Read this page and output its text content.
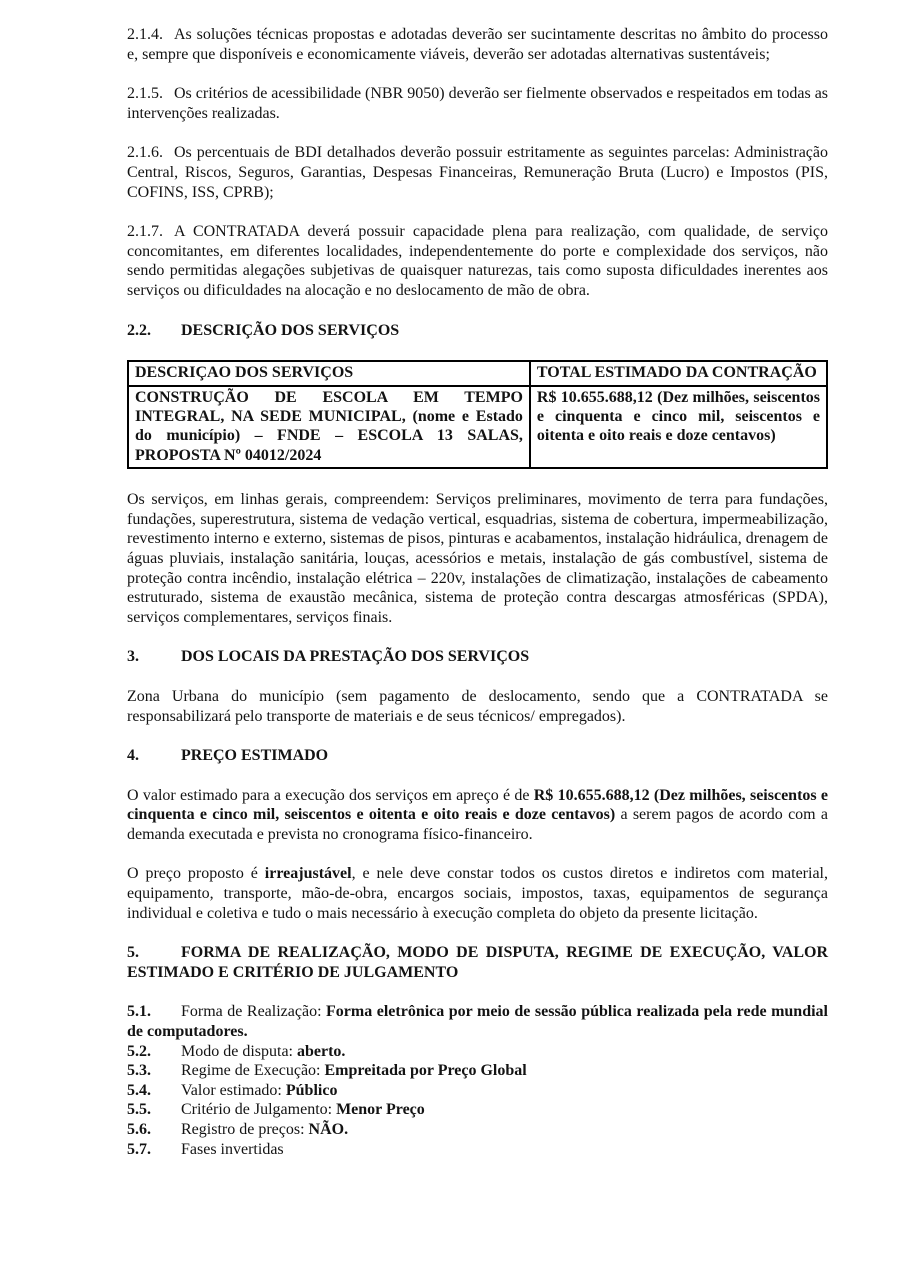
2.1.4. As soluções técnicas propostas e adotadas deverão ser sucintamente descritas no âmbito do processo e, sempre que disponíveis e economicamente viáveis, deverão ser adotadas alternativas sustentáveis;

2.1.5. Os critérios de acessibilidade (NBR 9050) deverão ser fielmente observados e respeitados em todas as intervenções realizadas.

2.1.6. Os percentuais de BDI detalhados deverão possuir estritamente as seguintes parcelas: Administração Central, Riscos, Seguros, Garantias, Despesas Financeiras, Remuneração Bruta (Lucro) e Impostos (PIS, COFINS, ISS, CPRB);

2.1.7. A CONTRATADA deverá possuir capacidade plena para realização, com qualidade, de serviço concomitantes, em diferentes localidades, independentemente do porte e complexidade dos serviços, não sendo permitidas alegações subjetivas de quaisquer naturezas, tais como suposta dificuldades inerentes aos serviços ou dificuldades na alocação e no deslocamento de mão de obra.

2.2. DESCRIÇÃO DOS SERVIÇOS

DESCRIÇAO DOS SERVIÇOS	TOTAL ESTIMADO DA CONTRAÇÃO
CONSTRUÇÃO DE ESCOLA EM TEMPO INTEGRAL, NA SEDE MUNICIPAL, (nome e Estado do município) – FNDE – ESCOLA 13 SALAS, PROPOSTA Nº 04012/2024	R$ 10.655.688,12 (Dez milhões, seiscentos e cinquenta e cinco mil, seiscentos e oitenta e oito reais e doze centavos)

Os serviços, em linhas gerais, compreendem: Serviços preliminares, movimento de terra para fundações, fundações, superestrutura, sistema de vedação vertical, esquadrias, sistema de cobertura, impermeabilização, revestimento interno e externo, sistemas de pisos, pinturas e acabamentos, instalação hidráulica, drenagem de águas pluviais, instalação sanitária, louças, acessórios e metais, instalação de gás combustível, sistema de proteção contra incêndio, instalação elétrica – 220v, instalações de climatização, instalações de cabeamento estruturado, sistema de exaustão mecânica, sistema de proteção contra descargas atmosféricas (SPDA), serviços complementares, serviços finais.

3.	DOS LOCAIS DA PRESTAÇÃO DOS SERVIÇOS

Zona Urbana do município (sem pagamento de deslocamento, sendo que a CONTRATADA se responsabilizará pelo transporte de materiais e de seus técnicos/ empregados).

4.	PREÇO ESTIMADO

O valor estimado para a execução dos serviços em apreço é de R$ 10.655.688,12 (Dez milhões, seiscentos e cinquenta e cinco mil, seiscentos e oitenta e oito reais e doze centavos) a serem pagos de acordo com a demanda executada e prevista no cronograma físico-financeiro.

O preço proposto é irreajustável, e nele deve constar todos os custos diretos e indiretos com material, equipamento, transporte, mão-de-obra, encargos sociais, impostos, taxas, equipamentos de segurança individual e coletiva e tudo o mais necessário à execução completa do objeto da presente licitação.

5.	FORMA DE REALIZAÇÃO, MODO DE DISPUTA, REGIME DE EXECUÇÃO, VALOR ESTIMADO E CRITÉRIO DE JULGAMENTO

5.1. Forma de Realização: Forma eletrônica por meio de sessão pública realizada pela rede mundial de computadores.

5.2. Modo de disputa: aberto.

5.3. Regime de Execução: Empreitada por Preço Global

5.4. Valor estimado: Público

5.5. Critério de Julgamento: Menor Preço

5.6. Registro de preços: NÃO.

5.7. Fases invertidas
